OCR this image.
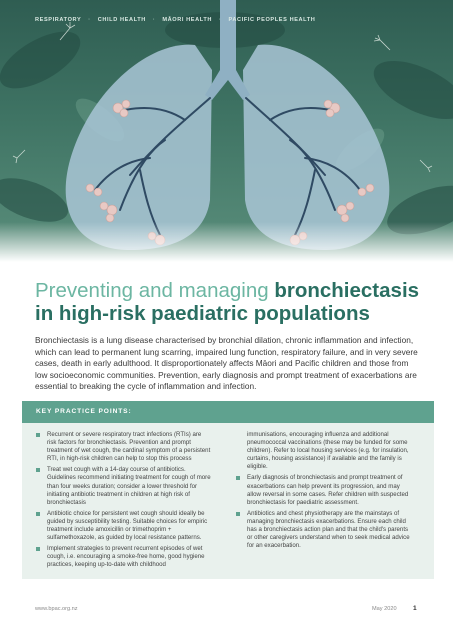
RESPIRATORY · CHILD HEALTH · MĀORI HEALTH · PACIFIC PEOPLES HEALTH
Preventing and managing bronchiectasis
in high-risk paediatric populations

Bronchiectasis is a lung disease characterised by bronchial dilation, chronic inflammation and infection, which can lead to permanent lung scarring, impaired lung function, respiratory failure, and in very severe cases, death in early adulthood. It disproportionately affects Māori and Pacific children and those from low socioeconomic communities. Prevention, early diagnosis and prompt treatment of exacerbations are essential to breaking the cycle of inflammation and infection.

KEY PRACTICE POINTS:
Recurrent or severe respiratory tract infections (RTIs) are risk factors for bronchiectasis. Prevention and prompt treatment of wet cough, the cardinal symptom of a persistent RTI, in high-risk children can help to stop this process
Treat wet cough with a 14-day course of antibiotics. Guidelines recommend initiating treatment for cough of more than four weeks duration; consider a lower threshold for initiating antibiotic treatment in children at high risk of bronchiectasis
Antibiotic choice for persistent wet cough should ideally be guided by susceptibility testing. Suitable choices for empiric treatment include amoxicillin or trimethoprim + sulfamethoxazole, as guided by local resistance patterns.
Implement strategies to prevent recurrent episodes of wet cough, i.e. encouraging a smoke-free home, good hygiene practices, keeping up-to-date with childhood
immunisations, encouraging influenza and additional pneumococcal vaccinations (these may be funded for some children). Refer to local housing services (e.g. for insulation, curtains, housing assistance) if available and the family is eligible.
Early diagnosis of bronchiectasis and prompt treatment of exacerbations can help prevent its progression, and may allow reversal in some cases. Refer children with suspected bronchiectasis for paediatric assessment.
Antibiotics and chest physiotherapy are the mainstays of managing bronchiectasis exacerbations. Ensure each child has a bronchiectasis action plan and that the child's parents or other caregivers understand when to seek medical advice for an exacerbation.
www.bpac.org.nz	May 2020 1
